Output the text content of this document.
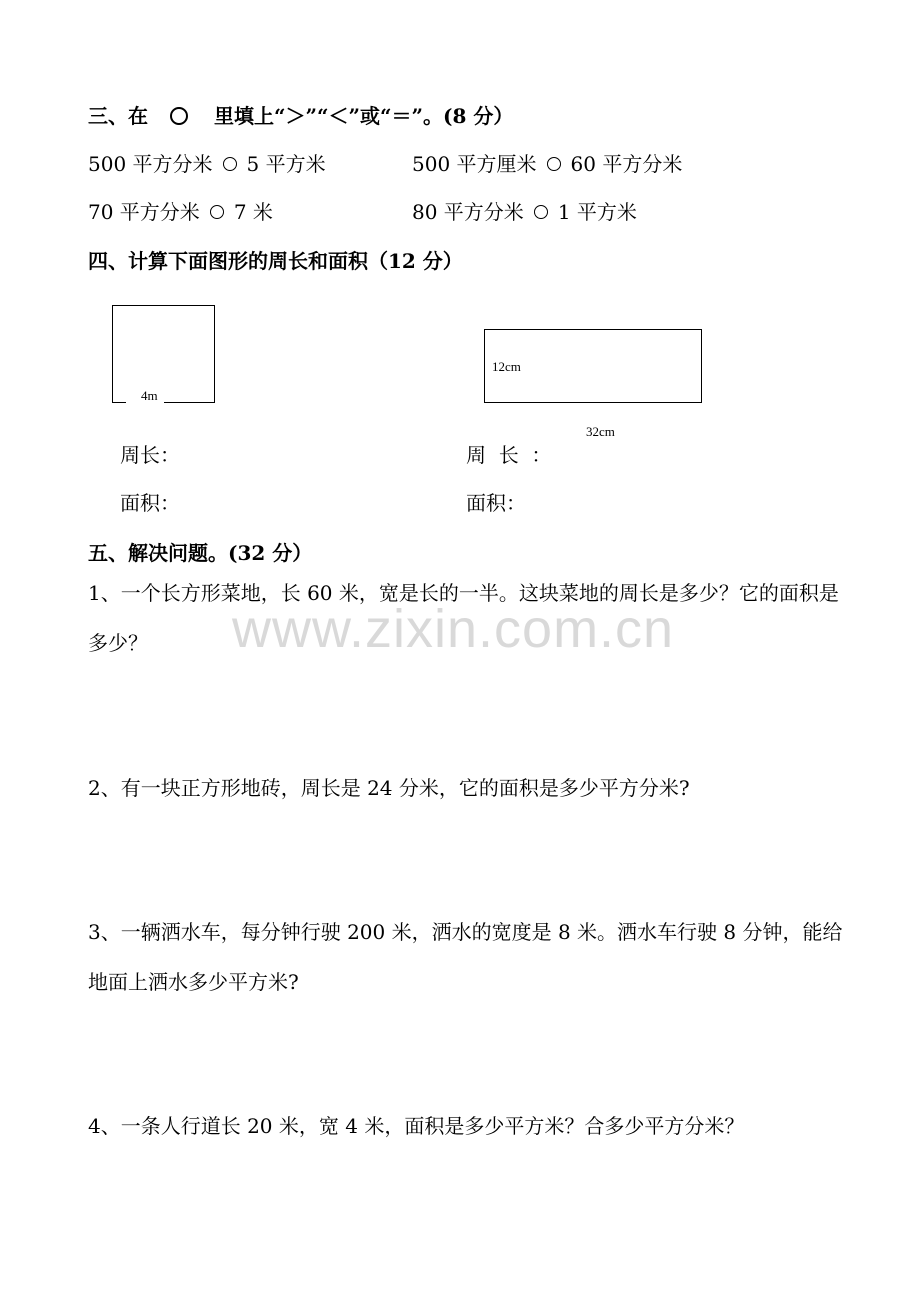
www.zixin.com.cn
三、在	里填上“＞”“＜”或“＝”。(8 分）
500 平方分米 5 平方米	500 平方厘米 60 平方分米
70 平方分米 7 米	80 平方分米 1 平方米
四、计算下面图形的周长和面积（12 分）
4m
12cm
32cm
周长：	周  长  ：
面积：	面积：
五、解决问题。(32 分）
1、一个长方形菜地，长 60 米，宽是长的一半。这块菜地的周长是多少？它的面积是多少？
2、有一块正方形地砖，周长是 24 分米，它的面积是多少平方分米?
3、一辆洒水车，每分钟行驶 200 米，洒水的宽度是 8 米。洒水车行驶 8 分钟，能给地面上洒水多少平方米?
4、一条人行道长 20 米，宽 4 米，面积是多少平方米？合多少平方分米？
